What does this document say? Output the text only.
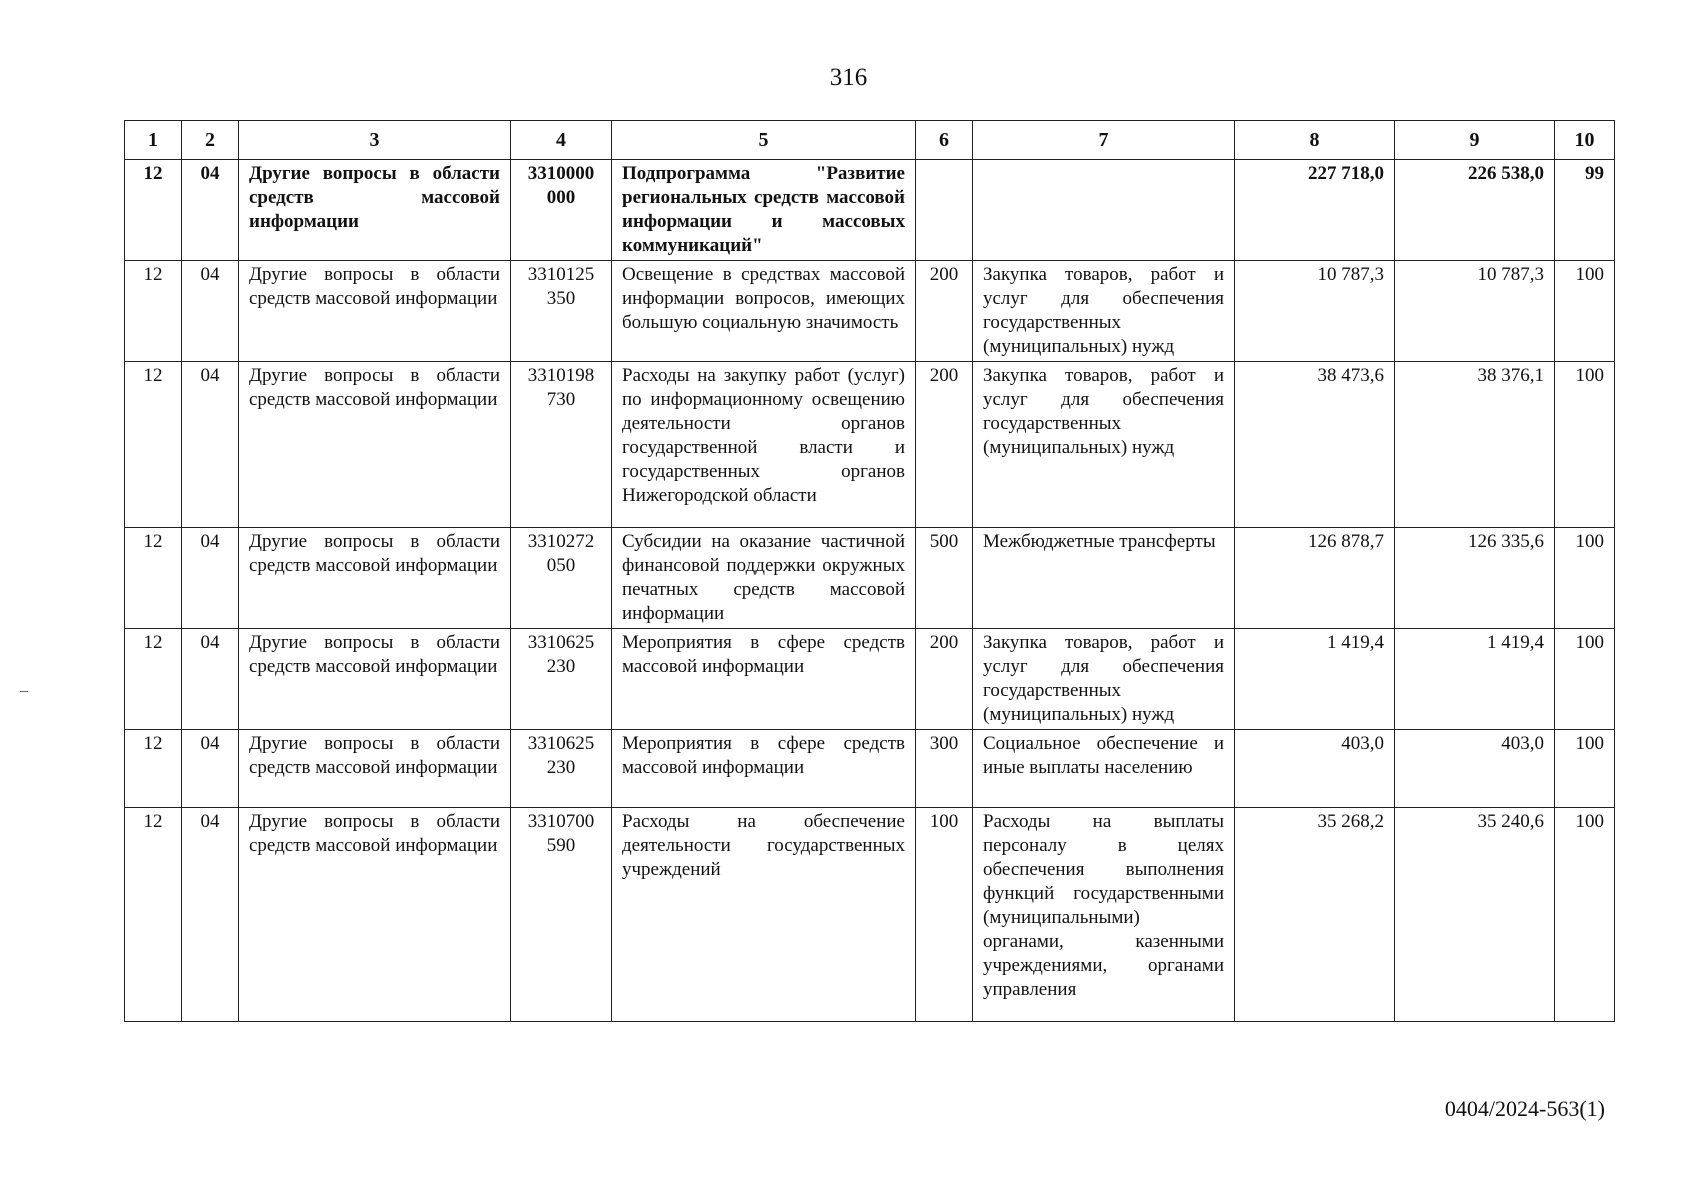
316
1	2	3	4	5	6	7	8	9	10
12	04	Другие вопросы в области средств массовой информации	3310000 000	Подпрограмма "Развитие региональных средств массовой информации и массовых коммуникаций"			227 718,0	226 538,0	99
12	04	Другие вопросы в области средств массовой информации	3310125 350	Освещение в средствах массовой информации вопросов, имеющих большую социальную значимость	200	Закупка товаров, работ и услуг для обеспечения государственных (муниципальных) нужд	10 787,3	10 787,3	100
12	04	Другие вопросы в области средств массовой информации	3310198 730	Расходы на закупку работ (услуг) по информационному освещению деятельности органов государственной власти и государственных органов Нижегородской области	200	Закупка товаров, работ и услуг для обеспечения государственных (муниципальных) нужд	38 473,6	38 376,1	100
12	04	Другие вопросы в области средств массовой информации	3310272 050	Субсидии на оказание частичной финансовой поддержки окружных печатных средств массовой информации	500	Межбюджетные трансферты	126 878,7	126 335,6	100
12	04	Другие вопросы в области средств массовой информации	3310625 230	Мероприятия в сфере средств массовой информации	200	Закупка товаров, работ и услуг для обеспечения государственных (муниципальных) нужд	1 419,4	1 419,4	100
12	04	Другие вопросы в области средств массовой информации	3310625 230	Мероприятия в сфере средств массовой информации	300	Социальное обеспечение и иные выплаты населению	403,0	403,0	100
12	04	Другие вопросы в области средств массовой информации	3310700 590	Расходы на обеспечение деятельности государственных учреждений	100	Расходы на выплаты персоналу в целях обеспечения выполнения функций государственными (муниципальными) органами, казенными учреждениями, органами управления	35 268,2	35 240,6	100
0404/2024-563(1)
